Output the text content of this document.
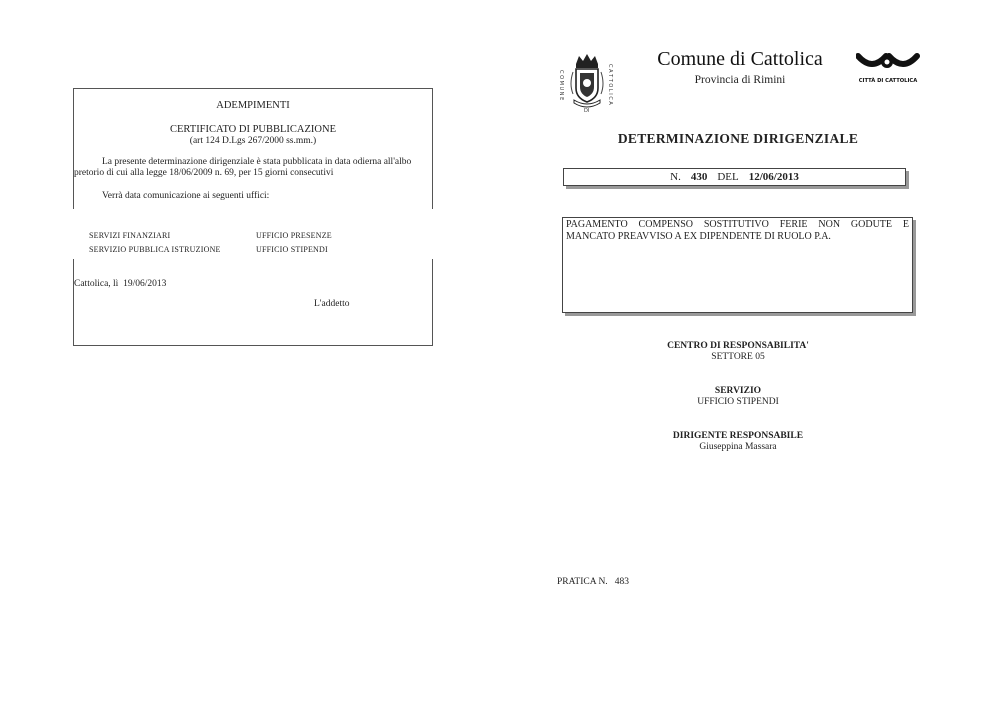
ADEMPIMENTI
CERTIFICATO DI PUBBLICAZIONE
(art 124 D.Lgs 267/2000 ss.mm.)
La presente determinazione dirigenziale è stata pubblicata in data odierna all'albo
pretorio di cui alla legge 18/06/2009 n. 69, per 15 giorni consecutivi
Verrà data comunicazione ai seguenti uffici:
SERVIZI FINANZIARI	UFFICIO PRESENZE
SERVIZIO PUBBLICA ISTRUZIONE	UFFICIO STIPENDI
Cattolica, lì  19/06/2013
L'addetto
C O M U N E	C A T T O L I C A
DI
Comune di Cattolica
Provincia di Rimini	CITTÀ DI CATTOLICA
DETERMINAZIONE DIRIGENZIALE
N. 430 DEL 12/06/2013
PAGAMENTO COMPENSO SOSTITUTIVO FERIE NON GODUTE E MANCATO PREAVVISO A EX DIPENDENTE DI RUOLO P.A.
CENTRO DI RESPONSABILITA'
SETTORE 05
SERVIZIO
UFFICIO STIPENDI
DIRIGENTE RESPONSABILE
Giuseppina Massara
PRATICA N.   483
